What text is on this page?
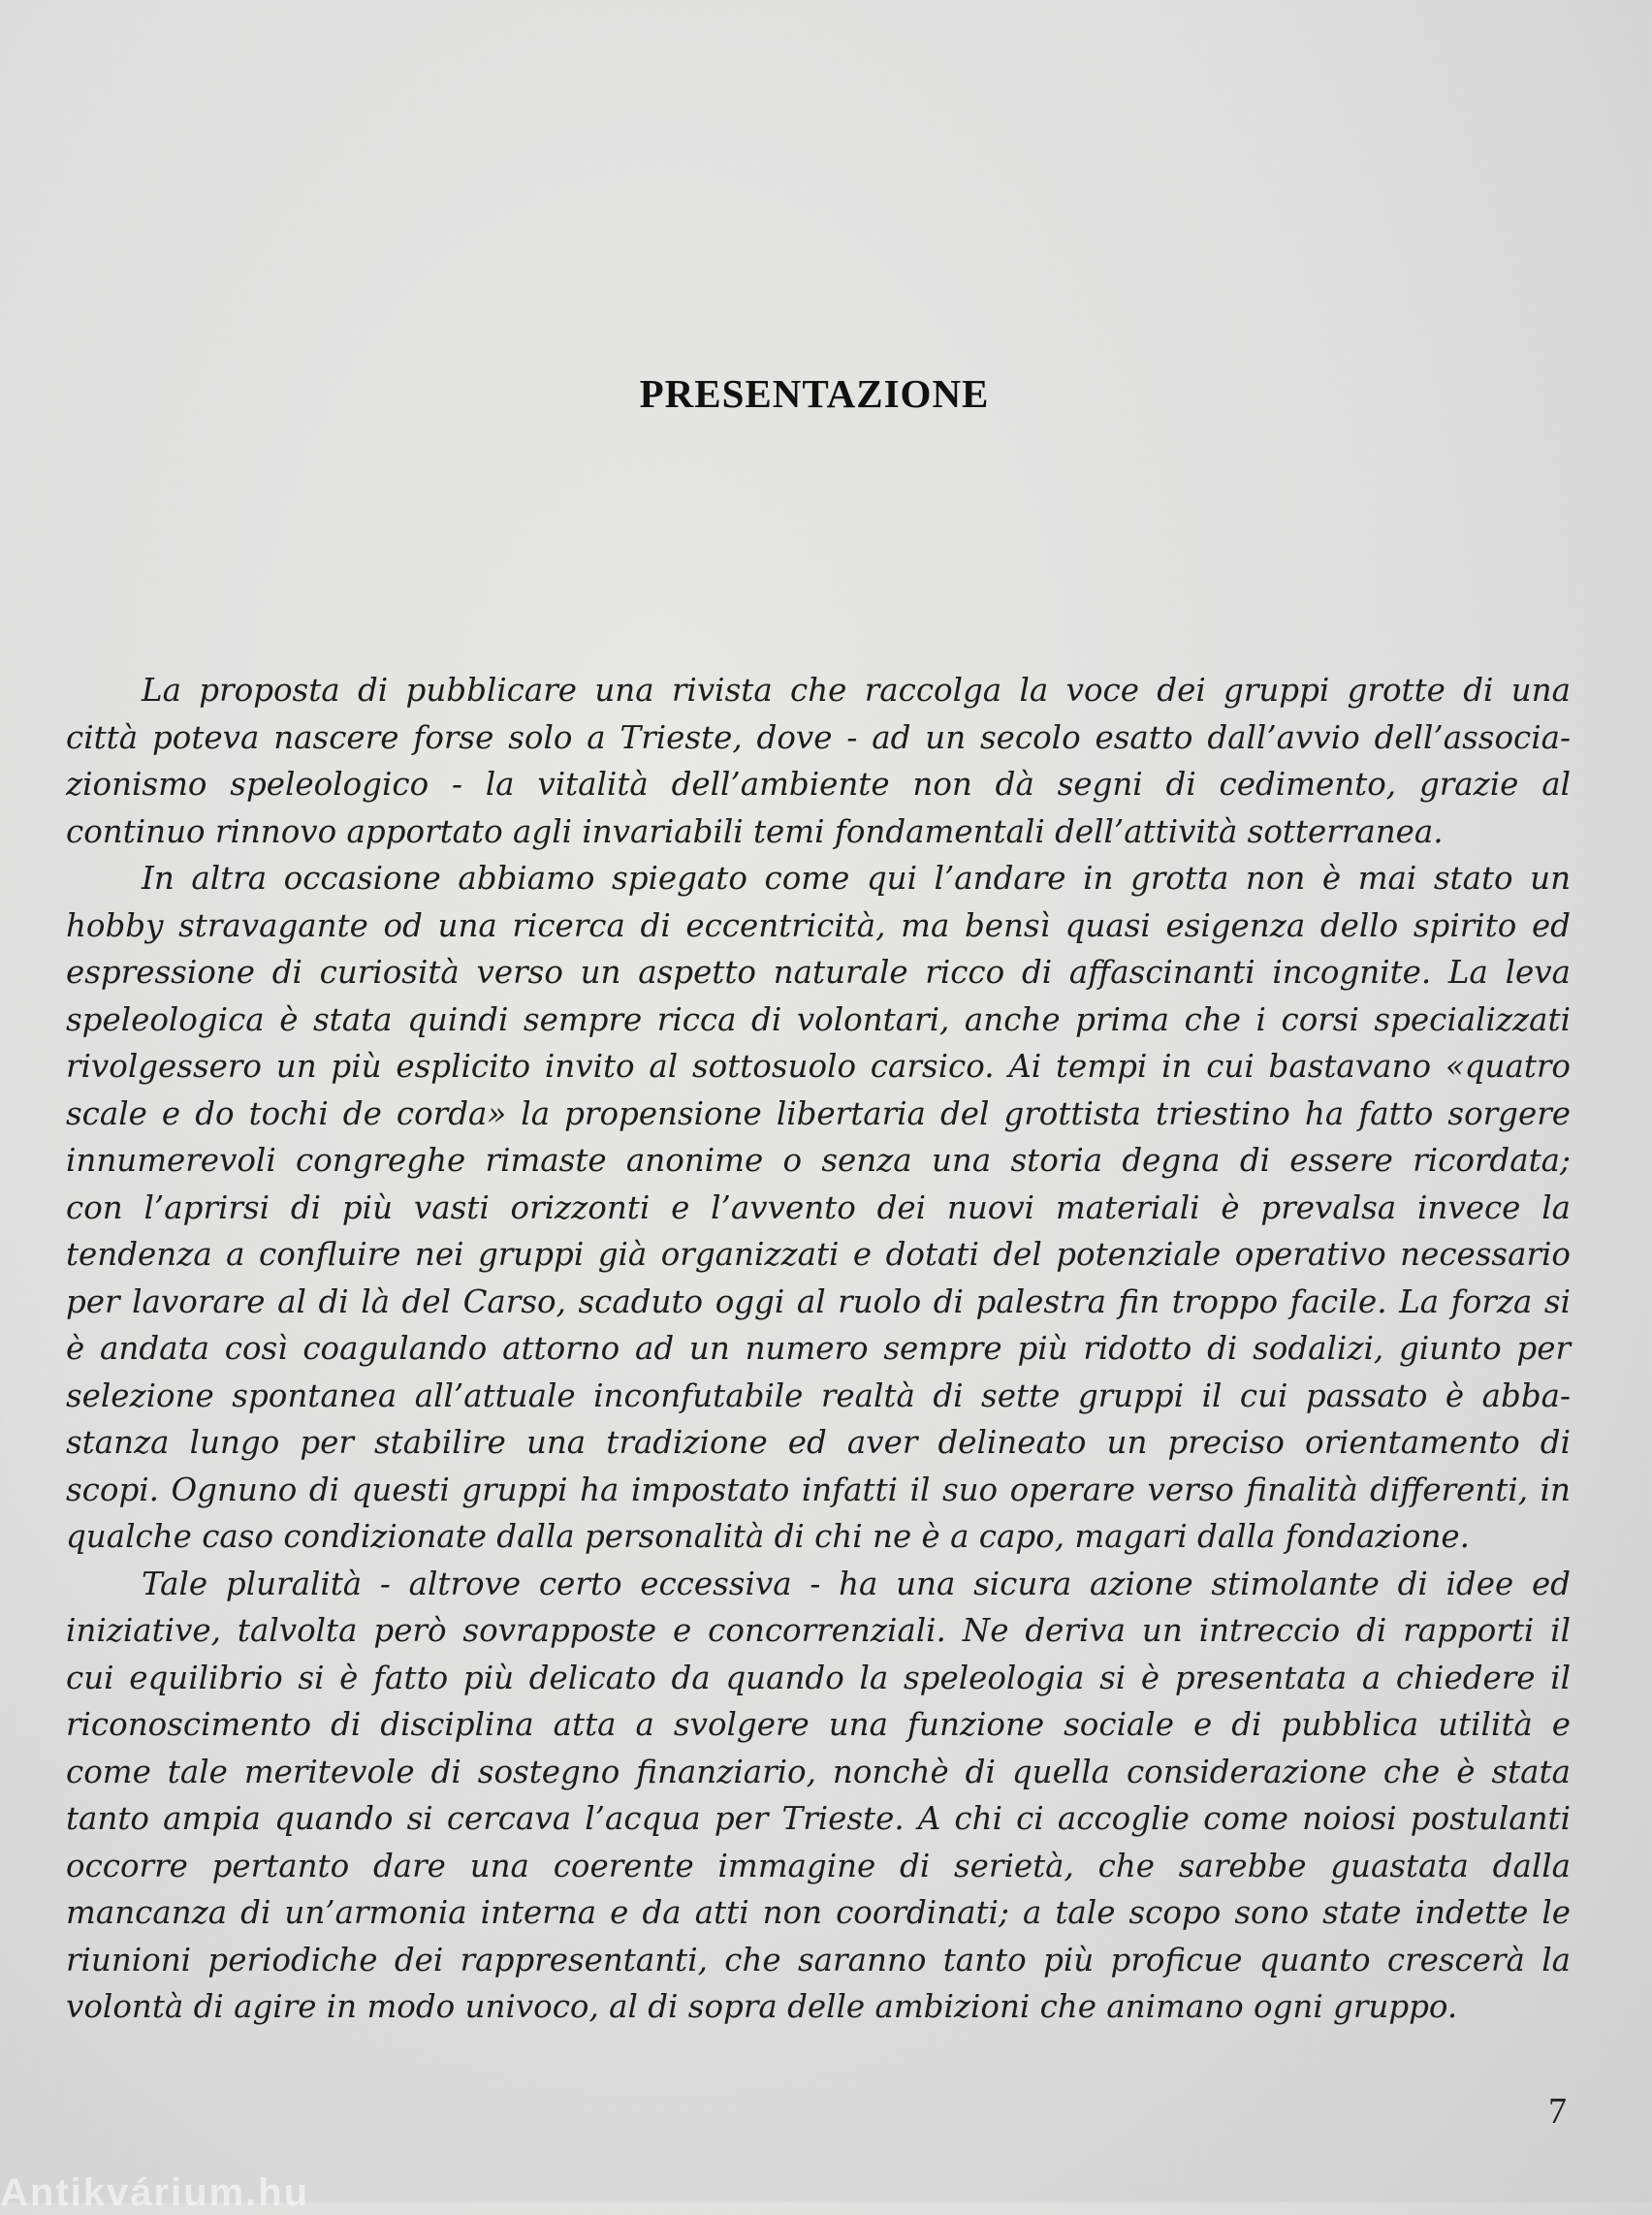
PRESENTAZIONE

La proposta di pubblicare una rivista che raccolga la voce dei gruppi grotte di una
città poteva nascere forse solo a Trieste, dove - ad un secolo esatto dall’avvio dell’associa-
zionismo speleologico - la vitalità dell’ambiente non dà segni di cedimento, grazie al
continuo rinnovo apportato agli invariabili temi fondamentali dell’attività sotterranea.

In altra occasione abbiamo spiegato come qui l’andare in grotta non è mai stato un
hobby stravagante od una ricerca di eccentricità, ma bensì quasi esigenza dello spirito ed
espressione di curiosità verso un aspetto naturale ricco di affascinanti incognite. La leva
speleologica è stata quindi sempre ricca di volontari, anche prima che i corsi specializzati
rivolgessero un più esplicito invito al sottosuolo carsico. Ai tempi in cui bastavano «quatro
scale e do tochi de corda» la propensione libertaria del grottista triestino ha fatto sorgere
innumerevoli congreghe rimaste anonime o senza una storia degna di essere ricordata;
con l’aprirsi di più vasti orizzonti e l’avvento dei nuovi materiali è prevalsa invece la
tendenza a confluire nei gruppi già organizzati e dotati del potenziale operativo necessario
per lavorare al di là del Carso, scaduto oggi al ruolo di palestra fin troppo facile. La forza si
è andata così coagulando attorno ad un numero sempre più ridotto di sodalizi, giunto per
selezione spontanea all’attuale inconfutabile realtà di sette gruppi il cui passato è abba-
stanza lungo per stabilire una tradizione ed aver delineato un preciso orientamento di
scopi. Ognuno di questi gruppi ha impostato infatti il suo operare verso finalità differenti, in
qualche caso condizionate dalla personalità di chi ne è a capo, magari dalla fondazione.

Tale pluralità - altrove certo eccessiva - ha una sicura azione stimolante di idee ed
iniziative, talvolta però sovrapposte e concorrenziali. Ne deriva un intreccio di rapporti il
cui equilibrio si è fatto più delicato da quando la speleologia si è presentata a chiedere il
riconoscimento di disciplina atta a svolgere una funzione sociale e di pubblica utilità e
come tale meritevole di sostegno finanziario, nonchè di quella considerazione che è stata
tanto ampia quando si cercava l’acqua per Trieste. A chi ci accoglie come noiosi postulanti
occorre pertanto dare una coerente immagine di serietà, che sarebbe guastata dalla
mancanza di un’armonia interna e da atti non coordinati; a tale scopo sono state indette le
riunioni periodiche dei rappresentanti, che saranno tanto più proficue quanto crescerà la
volontà di agire in modo univoco, al di sopra delle ambizioni che animano ogni gruppo.

7
Antikvárium.hu
